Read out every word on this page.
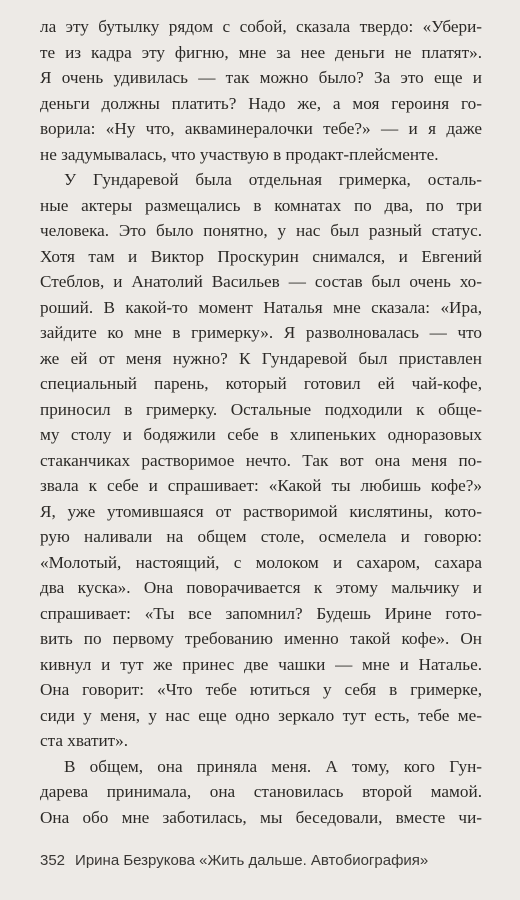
ла эту бутылку рядом с собой, сказала твердо: «Убери-
те из кадра эту фигню, мне за нее деньги не платят».
Я очень удивилась — так можно было? За это еще и
деньги должны платить? Надо же, а моя героиня го-
ворила: «Ну что, аквaминералочки тебе?» — и я даже
не задумывалась, что участвую в продакт-плейсменте.
У Гундаревой была отдельная гримерка, осталь-
ные актеры размещались в комнатах по два, по три
человека. Это было понятно, у нас был разный статус.
Хотя там и Виктор Проскурин снимался, и Евгений
Стеблов, и Анатолий Васильев — состав был очень хо-
роший. В какой-то момент Наталья мне сказала: «Ира,
зайдите ко мне в гримерку». Я разволновалась — что
же ей от меня нужно? К Гундаревой был приставлен
специальный парень, который готовил ей чай-кофе,
приносил в гримерку. Остальные подходили к обще-
му столу и бодяжили себе в хлипеньких одноразовых
стаканчиках растворимое нечто. Так вот она меня по-
звала к себе и спрашивает: «Какой ты любишь кофе?»
Я, уже утомившаяся от растворимой кислятины, кото-
рую наливали на общем столе, осмелела и говорю:
«Молотый, настоящий, с молоком и сахаром, сахара
два куска». Она поворачивается к этому мальчику и
спрашивает: «Ты все запомнил? Будешь Ирине гото-
вить по первому требованию именно такой кофе». Он
кивнул и тут же принес две чашки — мне и Наталье.
Она говорит: «Что тебе ютиться у себя в гримерке,
сиди у меня, у нас еще одно зеркало тут есть, тебе ме-
ста хватит».
В общем, она приняла меня. А тому, кого Гун-
дарева принимала, она становилась второй мамой.
Она обо мне заботилась, мы беседовали, вместе чи-
352 Ирина Безрукова «Жить дальше. Автобиография»
